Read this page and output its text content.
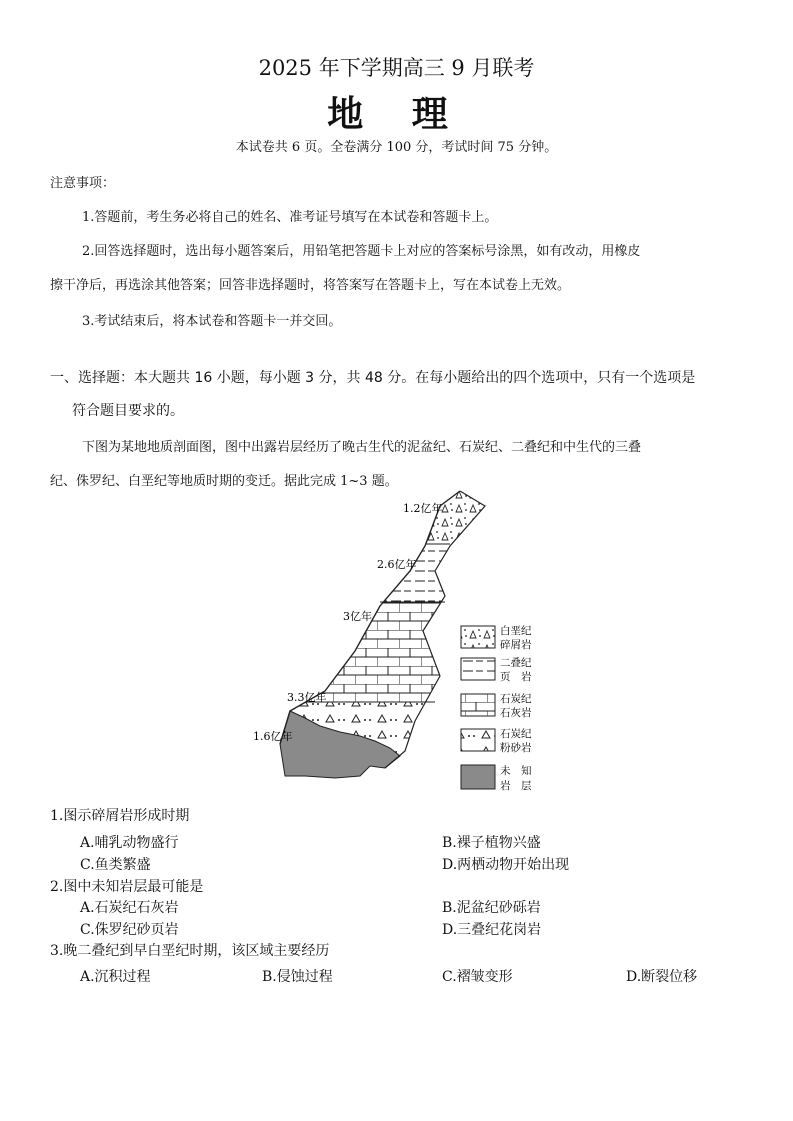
2025 年下学期高三 9 月联考
地 理
本试卷共 6 页。全卷满分 100 分，考试时间 75 分钟。
注意事项：
1.答题前，考生务必将自己的姓名、准考证号填写在本试卷和答题卡上。
2.回答选择题时，选出每小题答案后，用铅笔把答题卡上对应的答案标号涂黑，如有改动，用橡皮
擦干净后，再选涂其他答案；回答非选择题时，将答案写在答题卡上，写在本试卷上无效。
3.考试结束后，将本试卷和答题卡一并交回。
一、选择题：本大题共 16 小题，每小题 3 分，共 48 分。在每小题给出的四个选项中，只有一个选项是
符合题目要求的。
下图为某地地质剖面图，图中出露岩层经历了晚古生代的泥盆纪、石炭纪、二叠纪和中生代的三叠
纪、侏罗纪、白垩纪等地质时期的变迁。据此完成 1~3 题。
1.2亿年
2.6亿年
3亿年
3.3亿年
1.6亿年
白垩纪
碎屑岩
二叠纪
页　岩
石炭纪
石灰岩
石炭纪
粉砂岩
未　知
岩　层
1.图示碎屑岩形成时期
A.哺乳动物盛行	B.裸子植物兴盛
C.鱼类繁盛	D.两栖动物开始出现
2.图中未知岩层最可能是
A.石炭纪石灰岩	B.泥盆纪砂砾岩
C.侏罗纪砂页岩	D.三叠纪花岗岩
3.晚二叠纪到早白垩纪时期，该区域主要经历
A.沉积过程	B.侵蚀过程	C.褶皱变形	D.断裂位移
